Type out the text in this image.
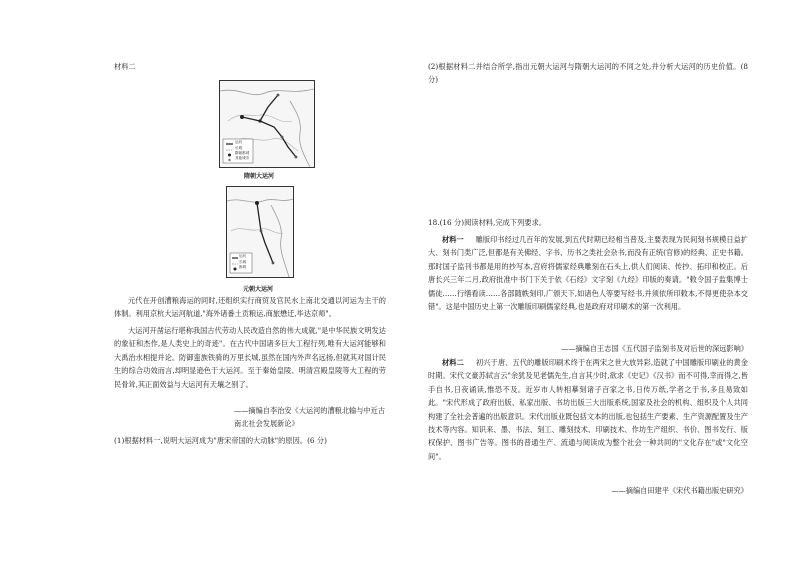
材料二
运河
长城
隋朝都城
其他城市
隋朝大运河
运河
长城
都城
元朝大运河
元代在开创漕粮海运的同时,还组织实行商贸及官民水上南北交通以河运为主干的体制。利用京杭大运河航道,"海外诸番土贡粮运,商旅懋迁,毕达京师"。
大运河开凿运行堪称我国古代劳动人民改造自然的伟大成就,"是中华民族文明发达的象征和杰作,是人类史上的奇迹"。在古代中国诸多巨大工程行列,唯有大运河能够和大禹治水相提并论。防御蛮族铁骑的万里长城,虽然在国内外声名远扬,但就其对国计民生的综合功效而言,却明显逊色于大运河。至于秦始皇陵、明清宫殿皇陵等大工程的劳民骨耸,其正面效益与大运河有天壤之别了。
——摘编自李治安《大运河的漕粮北输与中近古南北社会发展新论》
(1)根据材料一,说明大运河成为"唐宋帝国的大动脉"的原因。(6 分)
(2)根据材料二并结合所学,指出元朝大运河与隋朝大运河的不同之处,并分析大运河的历史价值。(8 分)
18.(16 分)阅读材料,完成下列要求。
材料一 　 雕版印书经过几百年的发展,到五代时期已经相当普及,主要表现为民间刻书规模日益扩大、刻书门类广泛,但都是有关佛经、字书、历书之类社会杂书,而没有正统(官修)的经典、正史书籍。那时国子监刊书都是用的抄写本,宫府将儒家经典雕刻在石头上,供人们阅读、传抄、拓印和校正。后唐长兴三年二月,政府批准中书门下关于依《石经》文字刻《九经》印版的奏请。"敕令国子监集博士儒徒……行缮看读……各部随帙刻印,广颁天下,如诸色人等要写经书,并须依所印敕本,不得更使杂本交错"。这是中国历史上第一次雕版印刷儒家经典,也是政府对印刷术的第一次利用。
——摘编自王志国《五代国子监刻书及对后世的深远影响》
材料二 　 初兴于唐、五代的雕版印刷术终于在两宋之世大放异彩,造就了中国雕版印刷业的黄金时期。宋代文豪苏轼言云"余犹及见老儒先生,自言其少时,欲求《史记》《汉书》而不可得,幸而得之,皆手自书,日夜诵读,惟恐不及。近岁市人转相摹刻诸子百家之书,日传万纸,学者之于书,多且易致如此。"宋代形成了政府出版、私家出版、书坊出版三大出版系统,国家及社会的机构、组织及个人共同构建了全社会普遍的出版意识。宋代出版业既包括文本的出版,也包括生产要素、生产资源配置及生产技术等内容。知识来、墨、书法、刻工、雕刻技术、印刷技术、作坊生产组织、书价、图书发行、版权保护、图书广告等。图书的普通生产、流通与阅读成为整个社会一种共同的"文化存在"或"文化空间"。
——摘编自田建平《宋代书籍出版史研究》
